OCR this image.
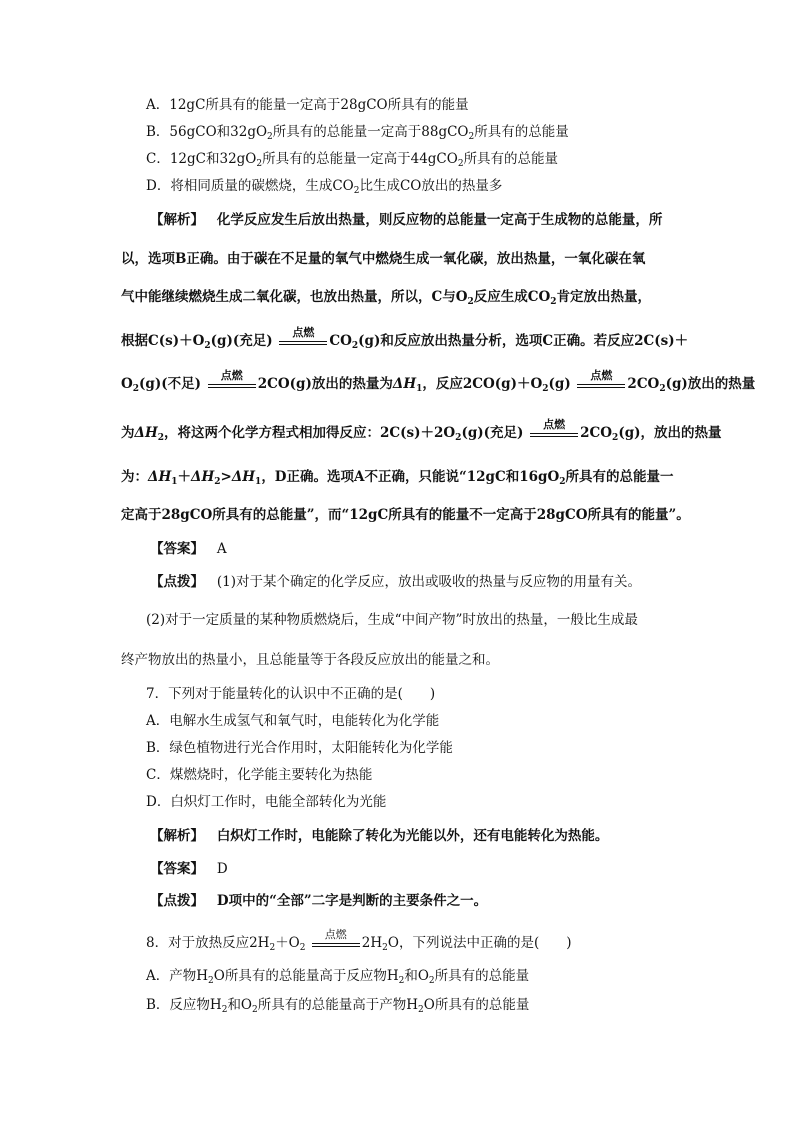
A．12gC所具有的能量一定高于28gCO所具有的能量
B．56gCO和$32gO_2$所具有的总能量一定高于88gCO$_2$所具有的总能量
C．12gC和$32gO_2$所具有的总能量一定高于44gCO$_2$所具有的总能量
D．将相同质量的碳燃烧，生成$CO_2$比生成CO放出的热量多
【解析】 化学反应发生后放出热量，则反应物的总能量一定高于生成物的总能量，所
以，选项B正确。由于碳在不足量的氧气中燃烧生成一氧化碳，放出热量，一氧化碳在氧
气中能继续燃烧生成二氧化碳，也放出热量，所以，C与$O_2$反应生成$CO_2$肯定放出热量，
根据$C(s)+O_2(g)$(充足)
点燃
$CO_2(g)$和反应放出热量分析，选项C正确。若反应2C(s)＋
$O_2(g)$(不足)
点燃
2CO(g)放出的热量为$\Delta H_1$，反应$2CO(g)+O_2(g)$
点燃
$2CO_2(g)$放出的热量
为$\Delta H_2$，将这两个化学方程式相加得反应：$2C(s)+2O_2(g)$(充足)
点燃
$2CO_2(g)$，放出的热量
为：$\Delta H_1+\Delta H_2>\Delta H_1$，D正确。选项A不正确，只能说“12gC和$16gO_2$所具有的总能量一
定高于28gCO所具有的总能量”，而“12gC所具有的能量不一定高于28gCO所具有的能量”。
【答案】 A
【点拨】 (1)对于某个确定的化学反应，放出或吸收的热量与反应物的用量有关。
(2)对于一定质量的某种物质燃烧后，生成“中间产物”时放出的热量，一般比生成最
终产物放出的热量小，且总能量等于各段反应放出的能量之和。
7．下列对于能量转化的认识中不正确的是(　　)
A．电解水生成氢气和氧气时，电能转化为化学能
B．绿色植物进行光合作用时，太阳能转化为化学能
C．煤燃烧时，化学能主要转化为热能
D．白炽灯工作时，电能全部转化为光能
【解析】 白炽灯工作时，电能除了转化为光能以外，还有电能转化为热能。
【答案】 D
【点拨】 D项中的“全部”二字是判断的主要条件之一。
8．对于放热反应$2H_2+O_2$
点燃
$2H_2O$，下列说法中正确的是(　　)
A．产物$H_2O$所具有的总能量高于反应物$H_2$和$O_2$所具有的总能量
B．反应物$H_2$和$O_2$所具有的总能量高于产物$H_2O$所具有的总能量
